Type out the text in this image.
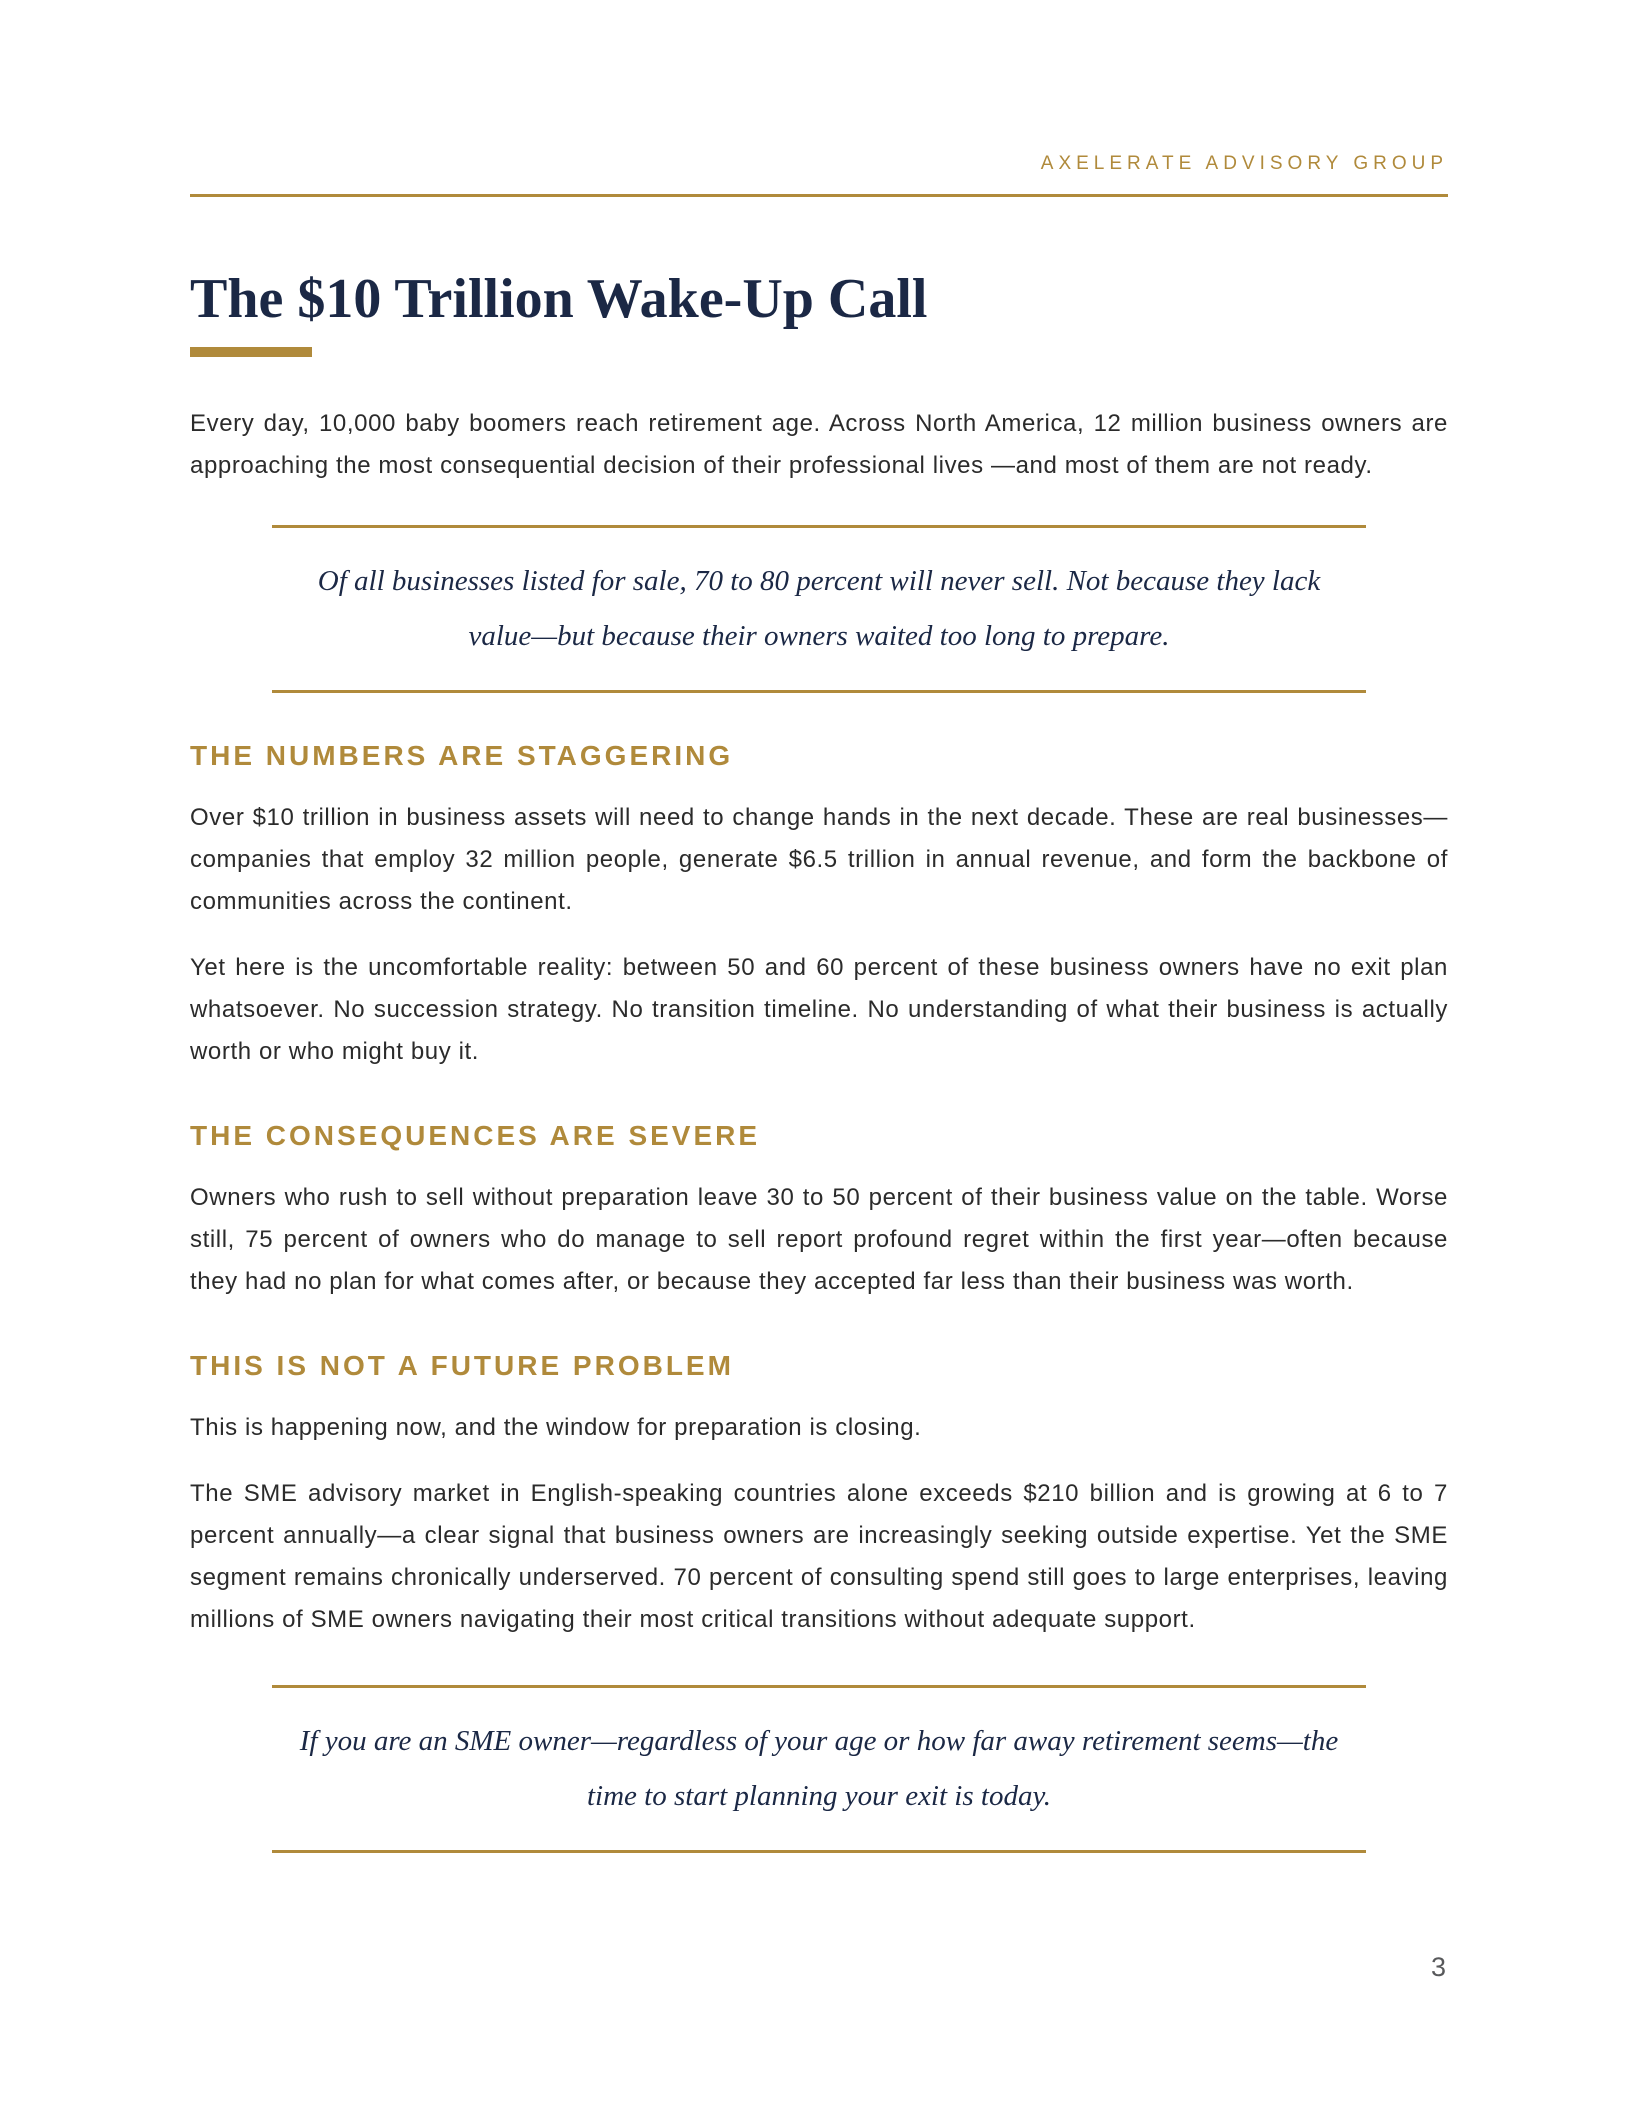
AXELERATE ADVISORY GROUP
The $10 Trillion Wake-Up Call

Every day, 10,000 baby boomers reach retirement age. Across North America, 12 million business owners are approaching the most consequential decision of their professional lives —and most of them are not ready.

Of all businesses listed for sale, 70 to 80 percent will never sell. Not because they lack value—but because their owners waited too long to prepare.

THE NUMBERS ARE STAGGERING

Over $10 trillion in business assets will need to change hands in the next decade. These are real businesses—companies that employ 32 million people, generate $6.5 trillion in annual revenue, and form the backbone of communities across the continent.

Yet here is the uncomfortable reality: between 50 and 60 percent of these business owners have no exit plan whatsoever. No succession strategy. No transition timeline. No understanding of what their business is actually worth or who might buy it.

THE CONSEQUENCES ARE SEVERE

Owners who rush to sell without preparation leave 30 to 50 percent of their business value on the table. Worse still, 75 percent of owners who do manage to sell report profound regret within the first year—often because they had no plan for what comes after, or because they accepted far less than their business was worth.

THIS IS NOT A FUTURE PROBLEM

This is happening now, and the window for preparation is closing.

The SME advisory market in English-speaking countries alone exceeds $210 billion and is growing at 6 to 7 percent annually—a clear signal that business owners are increasingly seeking outside expertise. Yet the SME segment remains chronically underserved. 70 percent of consulting spend still goes to large enterprises, leaving millions of SME owners navigating their most critical transitions without adequate support.

If you are an SME owner—regardless of your age or how far away retirement seems—the time to start planning your exit is today.

3
